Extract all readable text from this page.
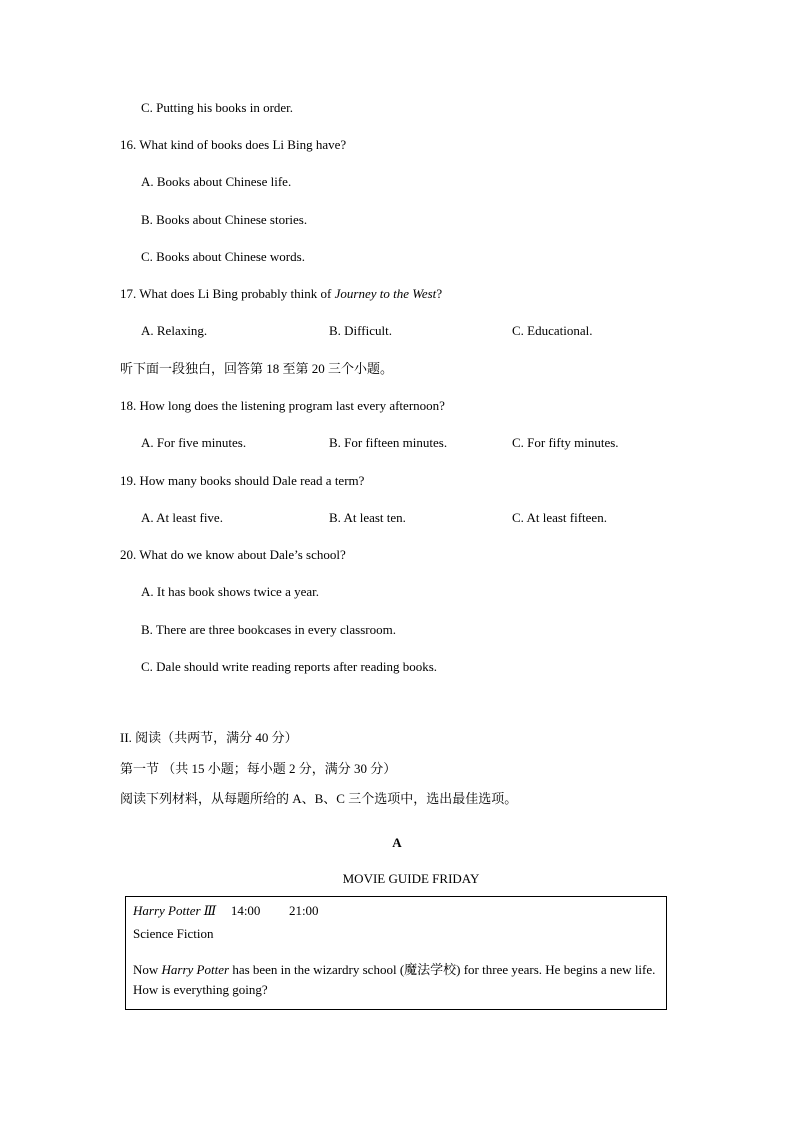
C. Putting his books in order.
16. What kind of books does Li Bing have?
A. Books about Chinese life.
B. Books about Chinese stories.
C. Books about Chinese words.
17. What does Li Bing probably think of Journey to the West?
A. Relaxing.	B. Difficult.	C. Educational.
听下面一段独白，回答第 18 至第 20 三个小题。
18. How long does the listening program last every afternoon?
A. For five minutes.	B. For fifteen minutes.	C. For fifty minutes.
19. How many books should Dale read a term?
A. At least five.	B. At least ten.	C. At least fifteen.
20. What do we know about Dale’s school?
A. It has book shows twice a year.
B. There are three bookcases in every classroom.
C. Dale should write reading reports after reading books.
II. 阅读（共两节，满分 40 分）
第一节 （共 15 小题；每小题 2 分，满分 30 分）
阅读下列材料，从每题所给的 A、B、C 三个选项中，选出最佳选项。
A
MOVIE GUIDE FRIDAY
Harry Potter Ⅲ 14:00 21:00
Science Fiction
Now Harry Potter has been in the wizardry school (魔法学校) for three years. He begins a new life. How is everything going?
